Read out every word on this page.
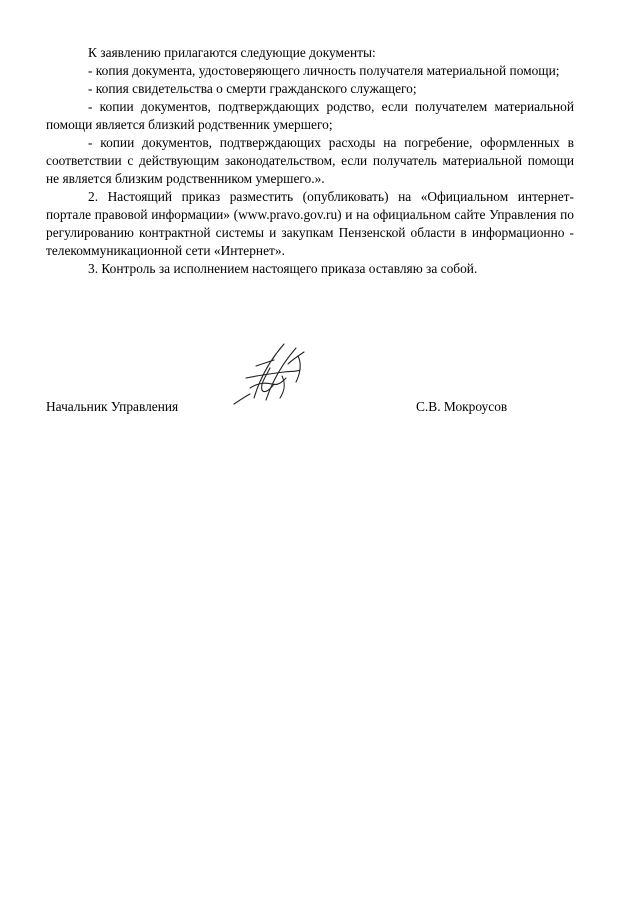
К заявлению прилагаются следующие документы:

- копия документа, удостоверяющего личность получателя материальной помощи;

- копия свидетельства о смерти гражданского служащего;

- копии документов, подтверждающих родство, если получателем материальной помощи является близкий родственник умершего;

- копии документов, подтверждающих расходы на погребение, оформленных в соответствии с действующим законодательством, если получатель материальной помощи не является близким родственником умершего.».

2. Настоящий приказ разместить (опубликовать) на «Официальном интернет-портале правовой информации» (www.pravo.gov.ru) и на официальном сайте Управления по регулированию контрактной системы и закупкам Пензенской области в информационно - телекоммуникационной сети «Интернет».

3. Контроль за исполнением настоящего приказа оставляю за собой.

Начальник Управления	С.В. Мокроусов
